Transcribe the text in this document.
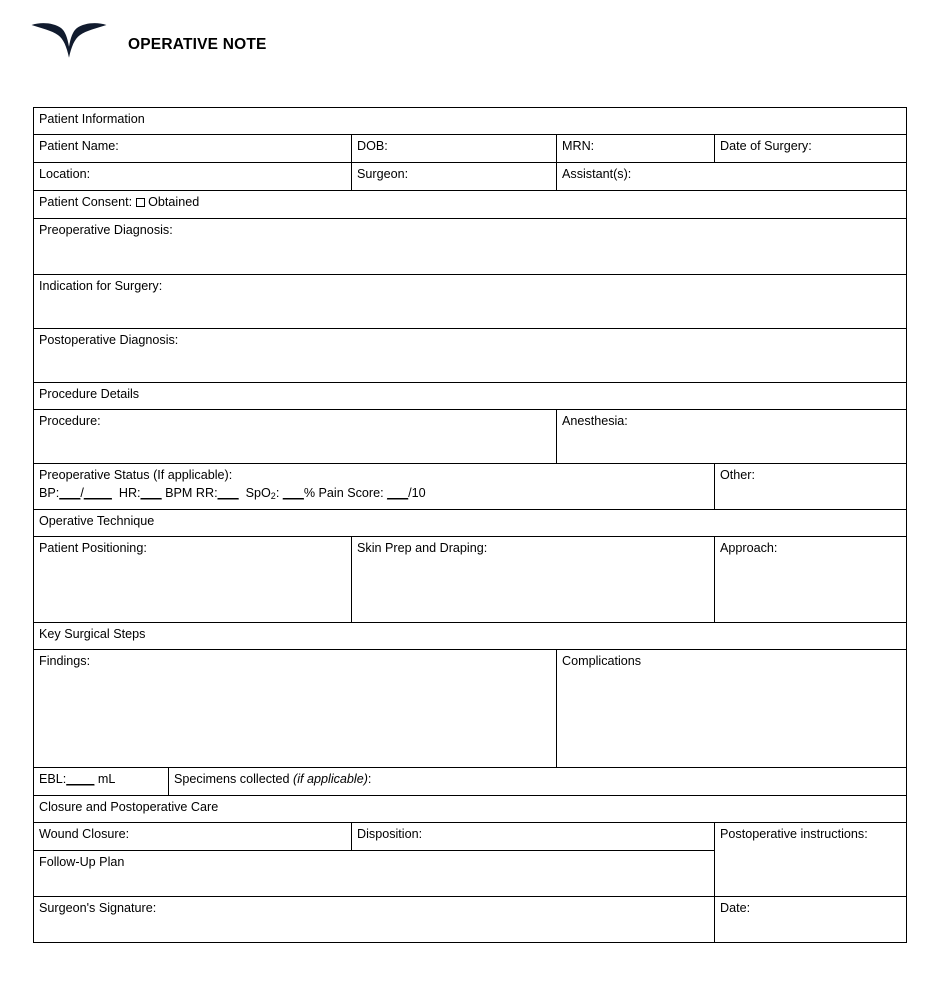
OPERATIVE NOTE
Patient Information				
Patient Name:		DOB:	MRN:	Date of Surgery:
Location:		Surgeon:	Assistant(s):	
Patient Consent: Obtained				
Preoperative Diagnosis:				
Indication for Surgery:				
Postoperative Diagnosis:				
Procedure Details				
Procedure:			Anesthesia:	

Preoperative Status (If applicable):
BP:___/____ HR:___ BPM RR:___ SpO$_2$: ___% Pain Score: ___/10				Other:
Operative Technique				
Patient Positioning:		Skin Prep and Draping:		Approach:
Key Surgical Steps				
Findings:			Complications	
EBL:____ mL	Specimens collected (if applicable):			
Closure and Postoperative Care				
Wound Closure:		Disposition:		Postoperative instructions:
Follow-Up Plan				
Surgeon's Signature:				Date:
